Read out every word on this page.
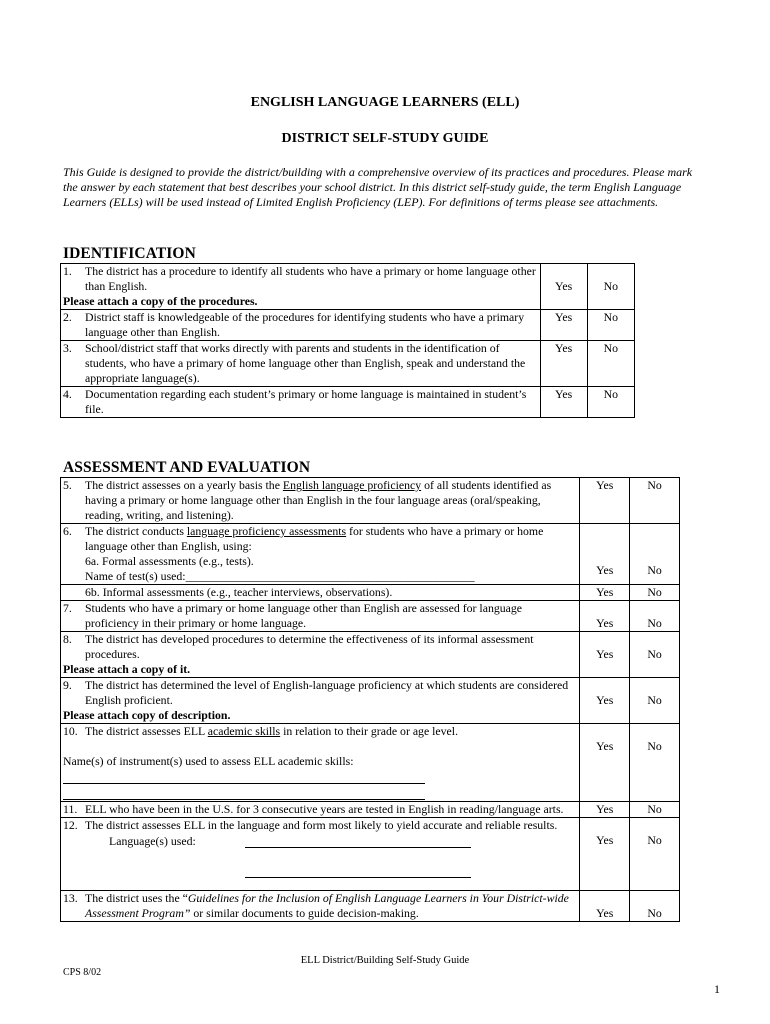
ENGLISH LANGUAGE LEARNERS (ELL)
DISTRICT SELF-STUDY GUIDE
This Guide is designed to provide the district/building with a comprehensive overview of its practices and procedures. Please mark the answer by each statement that best describes your school district. In this district self-study guide, the term English Language Learners (ELLs) will be used instead of Limited English Proficiency (LEP). For definitions of terms please see attachments.
IDENTIFICATION
1. The district has a procedure to identify all students who have a primary or home language other than English.
Please attach a copy of the procedures.	Yes	No

2. District staff is knowledgeable of the procedures for identifying students who have a primary language other than English.	Yes	No

3. School/district staff that works directly with parents and students in the identification of students, who have a primary of home language other than English, speak and understand the appropriate language(s).	Yes	No

4. Documentation regarding each student’s primary or home language is maintained in student’s file.	Yes	No
ASSESSMENT AND EVALUATION
5. The district assesses on a yearly basis the English language proficiency of all students identified as having a primary or home language other than English in the four language areas (oral/speaking, reading, writing, and listening).	Yes	No

6. The district conducts language proficiency assessments for students who have a primary or home language other than English, using:
6a. Formal assessments (e.g., tests).
Name of test(s) used:_________________________________________________	Yes	No

6b. Informal assessments (e.g., teacher interviews, observations).	Yes	No

7. Students who have a primary or home language other than English are assessed for language proficiency in their primary or home language.	Yes	No

8. The district has developed procedures to determine the effectiveness of its informal assessment procedures.
Please attach a copy of it.	Yes	No

9. The district has determined the level of English-language proficiency at which students are considered English proficient.
Please attach copy of description.	Yes	No

10. The district assesses ELL academic skills in relation to their grade or age level.
Name(s) of instrument(s) used to assess ELL academic skills:	Yes	No

11. ELL who have been in the U.S. for 3 consecutive years are tested in English in reading/language arts.	Yes	No

12. The district assesses ELL in the language and form most likely to yield accurate and reliable results.
Language(s) used:	Yes	No

13. The district uses the “Guidelines for the Inclusion of English Language Learners in Your District-wide Assessment Program” or similar documents to guide decision-making.	Yes	No
ELL District/Building Self-Study Guide
CPS 8/02
1
